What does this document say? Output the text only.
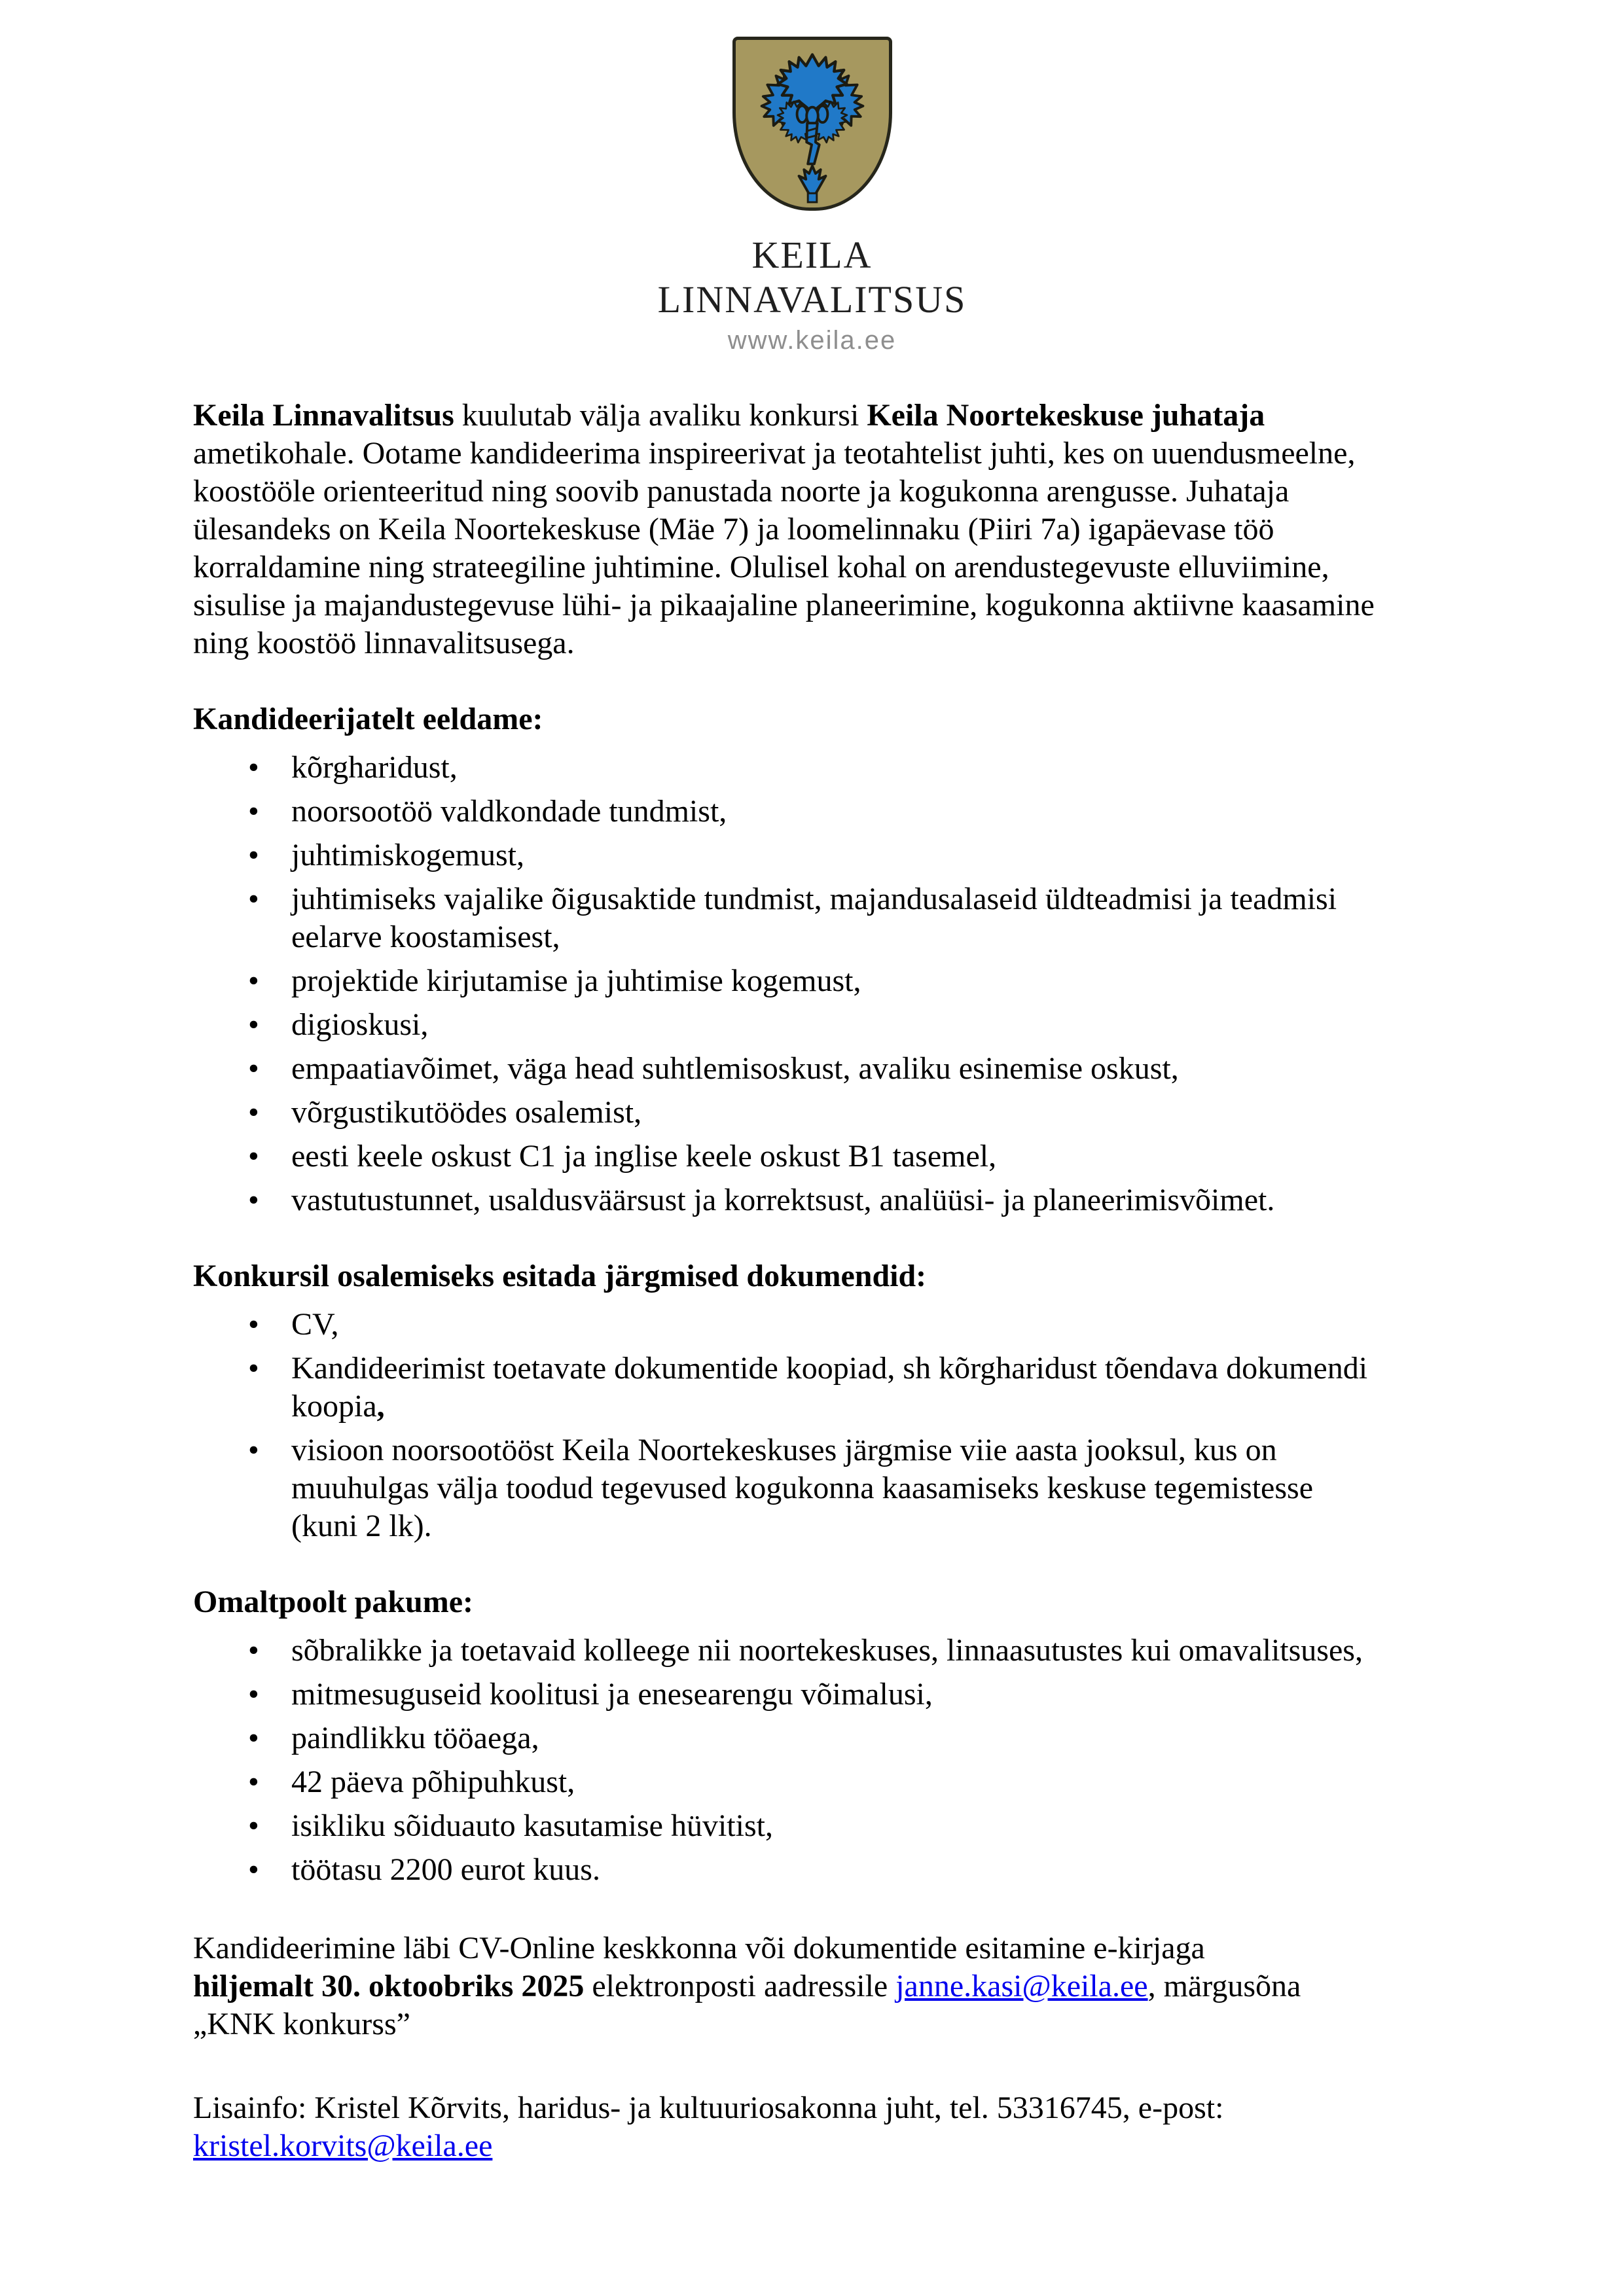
KEILA
LINNAVALITSUS
www.keila.ee
Keila Linnavalitsus kuulutab välja avaliku konkursi Keila Noortekeskuse juhataja
ametikohale. Ootame kandideerima inspireerivat ja teotahtelist juhti, kes on uuendusmeelne,
koostööle orienteeritud ning soovib panustada noorte ja kogukonna arengusse. Juhataja
ülesandeks on Keila Noortekeskuse (Mäe 7) ja loomelinnaku (Piiri 7a) igapäevase töö
korraldamine ning strateegiline juhtimine. Olulisel kohal on arendustegevuste elluviimine,
sisulise ja majandustegevuse lühi- ja pikaajaline planeerimine, kogukonna aktiivne kaasamine
ning koostöö linnavalitsusega.
Kandideerijatelt eeldame:
• kõrgharidust,
• noorsootöö valdkondade tundmist,
• juhtimiskogemust,
• juhtimiseks vajalike õigusaktide tundmist, majandusalaseid üldteadmisi ja teadmisi
eelarve koostamisest,
• projektide kirjutamise ja juhtimise kogemust,
• digioskusi,
• empaatiavõimet, väga head suhtlemisoskust, avaliku esinemise oskust,
• võrgustikutöödes osalemist,
• eesti keele oskust C1 ja inglise keele oskust B1 tasemel,
• vastutustunnet, usaldusväärsust ja korrektsust, analüüsi- ja planeerimisvõimet.
Konkursil osalemiseks esitada järgmised dokumendid:
• CV,
• Kandideerimist toetavate dokumentide koopiad, sh kõrgharidust tõendava dokumendi
koopia,
• visioon noorsootööst Keila Noortekeskuses järgmise viie aasta jooksul, kus on
muuhulgas välja toodud tegevused kogukonna kaasamiseks keskuse tegemistesse
(kuni 2 lk).
Omaltpoolt pakume:
• sõbralikke ja toetavaid kolleege nii noortekeskuses, linnaasutustes kui omavalitsuses,
• mitmesuguseid koolitusi ja enesearengu võimalusi,
• paindlikku tööaega,
• 42 päeva põhipuhkust,
• isikliku sõiduauto kasutamise hüvitist,
• töötasu 2200 eurot kuus.
Kandideerimine läbi CV-Online keskkonna või dokumentide esitamine e-kirjaga
hiljemalt 30. oktoobriks 2025 elektronposti aadressile janne.kasi@keila.ee, märgusõna
„KNK konkurss”
Lisainfo: Kristel Kõrvits, haridus- ja kultuuriosakonna juht, tel. 53316745, e-post:
kristel.korvits@keila.ee
